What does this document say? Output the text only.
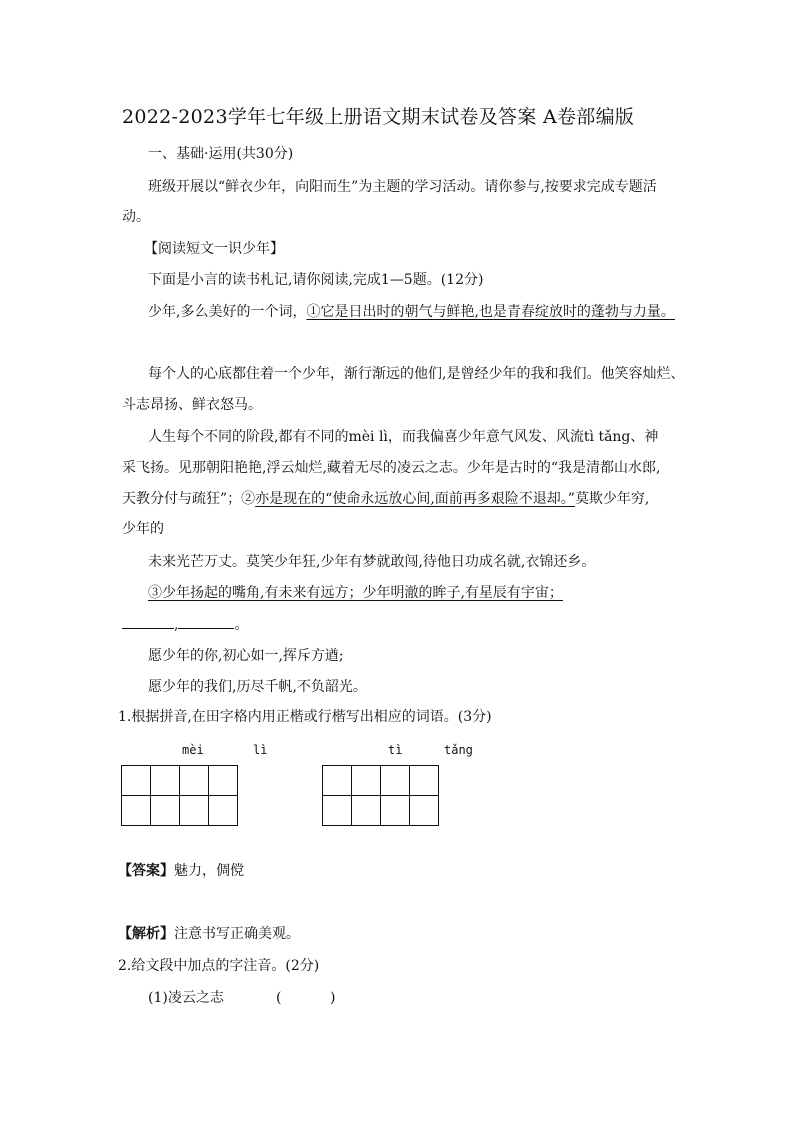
2022-2023学年七年级上册语文期末试卷及答案 A卷部编版
一、基础·运用(共30分)
班级开展以“鲜衣少年，向阳而生”为主题的学习活动。请你参与,按要求完成专题活
动。
【阅读短文一识少年】
下面是小言的读书札记,请你阅读,完成1—5题。(12分)
少年,多么美好的一个词，①它是日出时的朝气与鲜艳,也是青春绽放时的蓬勃与力量。
每个人的心底都住着一个少年，渐行渐远的他们,是曾经少年的我和我们。他笑容灿烂、
斗志昂扬、鲜衣怒马。
人生每个不同的阶段,都有不同的mèi lì，而我偏喜少年意气风发、风流tì tǎng、神
采飞扬。见那朝阳艳艳,浮云灿烂,藏着无尽的凌云之志。少年是古时的“我是清都山水郎,
天教分付与疏狂”；②亦是现在的“使命永远放心间,面前再多艰险不退却。”莫欺少年穷,
少年的
未来光芒万丈。莫笑少年狂,少年有梦就敢闯,待他日功成名就,衣锦还乡。
③少年扬起的嘴角,有未来有远方；少年明澈的眸子,有星辰有宇宙；
,	。
愿少年的你,初心如一,挥斥方遒;
愿少年的我们,历尽千帆,不负韶光。
1.根据拼音,在田字格内用正楷或行楷写出相应的词语。(3分)
mèi	lì	tì	tǎng

【答案】魅力，倜傥
【解析】注意书写正确美观。
2.给文段中加点的字注音。(2分)
(1)凌云之志	(	)
